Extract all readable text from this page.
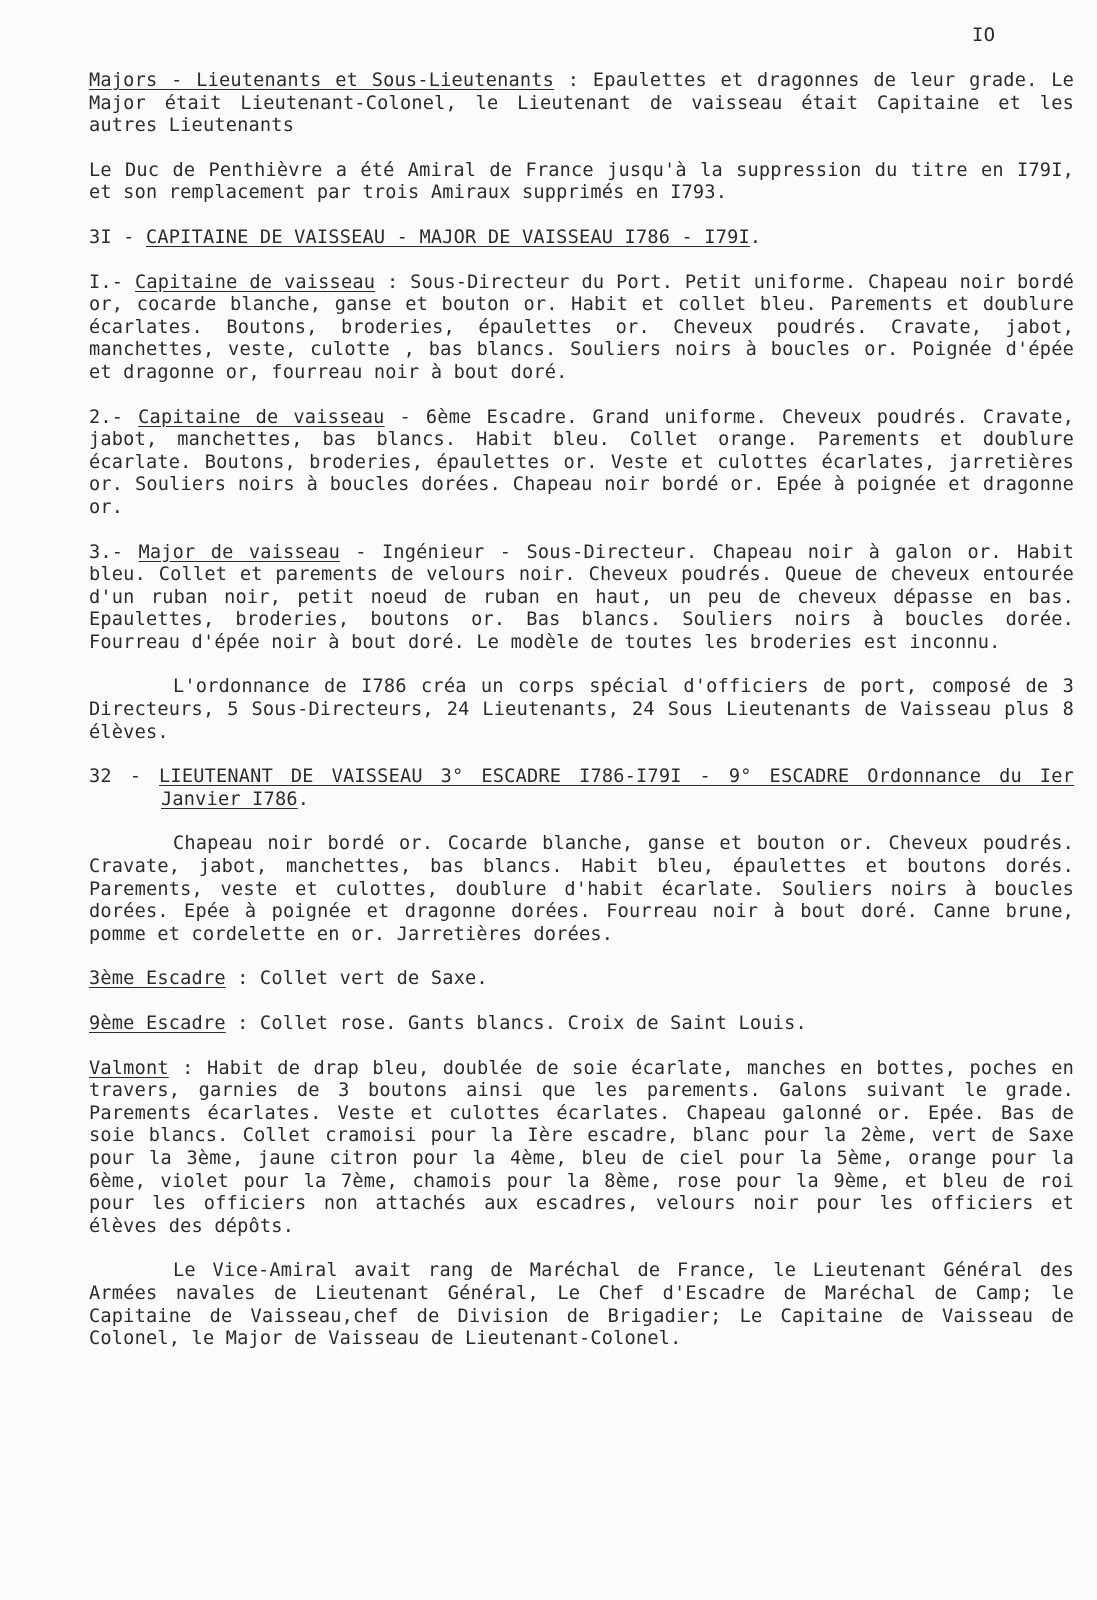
IO

Majors - Lieutenants et Sous-Lieutenants : Epaulettes et dragonnes de leur grade. Le Major était Lieutenant-Colonel, le Lieutenant de vaisseau était Capitaine et les autres Lieutenants

Le Duc de Penthièvre a été Amiral de France jusqu'à la suppression du titre en I79I, et son remplacement par trois Amiraux supprimés en I793.

3I - CAPITAINE DE VAISSEAU - MAJOR DE VAISSEAU I786 - I79I.

I.- Capitaine de vaisseau : Sous-Directeur du Port. Petit uniforme. Chapeau noir bordé or, cocarde blanche, ganse et bouton or. Habit et collet bleu. Parements et doublure écarlates. Boutons, broderies, épaulettes or. Cheveux poudrés. Cravate, jabot, manchettes, veste, culotte , bas blancs. Souliers noirs à boucles or. Poignée d'épée et dragonne or, fourreau noir à bout doré.

2.- Capitaine de vaisseau - 6ème Escadre. Grand uniforme. Cheveux poudrés. Cravate, jabot, manchettes, bas blancs. Habit bleu. Collet orange. Parements et doublure écarlate. Boutons, broderies, épaulettes or. Veste et culottes écarlates, jarretières or. Souliers noirs à boucles dorées. Chapeau noir bordé or. Epée à poignée et dragonne or.

3.- Major de vaisseau - Ingénieur - Sous-Directeur. Chapeau noir à galon or. Habit bleu. Collet et parements de velours noir. Cheveux poudrés. Queue de cheveux entourée d'un ruban noir, petit noeud de ruban en haut, un peu de cheveux dépasse en bas. Epaulettes, broderies, boutons or. Bas blancs. Souliers noirs à boucles dorée. Fourreau d'épée noir à bout doré. Le modèle de toutes les broderies est inconnu.

L'ordonnance de I786 créa un corps spécial d'officiers de port, composé de 3 Directeurs, 5 Sous-Directeurs, 24 Lieutenants, 24 Sous Lieutenants de Vaisseau plus 8 élèves.

32 - LIEUTENANT DE VAISSEAU 3° ESCADRE I786-I79I - 9° ESCADRE Ordonnance du Ier Janvier I786.

Chapeau noir bordé or. Cocarde blanche, ganse et bouton or. Cheveux poudrés. Cravate, jabot, manchettes, bas blancs. Habit bleu, épaulettes et boutons dorés. Parements, veste et culottes, doublure d'habit écarlate. Souliers noirs à boucles dorées. Epée à poignée et dragonne dorées. Fourreau noir à bout doré. Canne brune, pomme et cordelette en or. Jarretières dorées.

3ème Escadre : Collet vert de Saxe.

9ème Escadre : Collet rose. Gants blancs. Croix de Saint Louis.

Valmont : Habit de drap bleu, doublée de soie écarlate, manches en bottes, poches en travers, garnies de 3 boutons ainsi que les parements. Galons suivant le grade. Parements écarlates. Veste et culottes écarlates. Chapeau galonné or. Epée. Bas de soie blancs. Collet cramoisi pour la Ière escadre, blanc pour la 2ème, vert de Saxe pour la 3ème, jaune citron pour la 4ème, bleu de ciel pour la 5ème, orange pour la 6ème, violet pour la 7ème, chamois pour la 8ème, rose pour la 9ème, et bleu de roi pour les officiers non attachés aux escadres, velours noir pour les officiers et élèves des dépôts.

Le Vice-Amiral avait rang de Maréchal de France, le Lieutenant Général des Armées navales de Lieutenant Général, Le Chef d'Escadre de Maréchal de Camp; le Capitaine de Vaisseau,chef de Division de Brigadier; Le Capitaine de Vaisseau de Colonel, le Major de Vaisseau de Lieutenant-Colonel.
